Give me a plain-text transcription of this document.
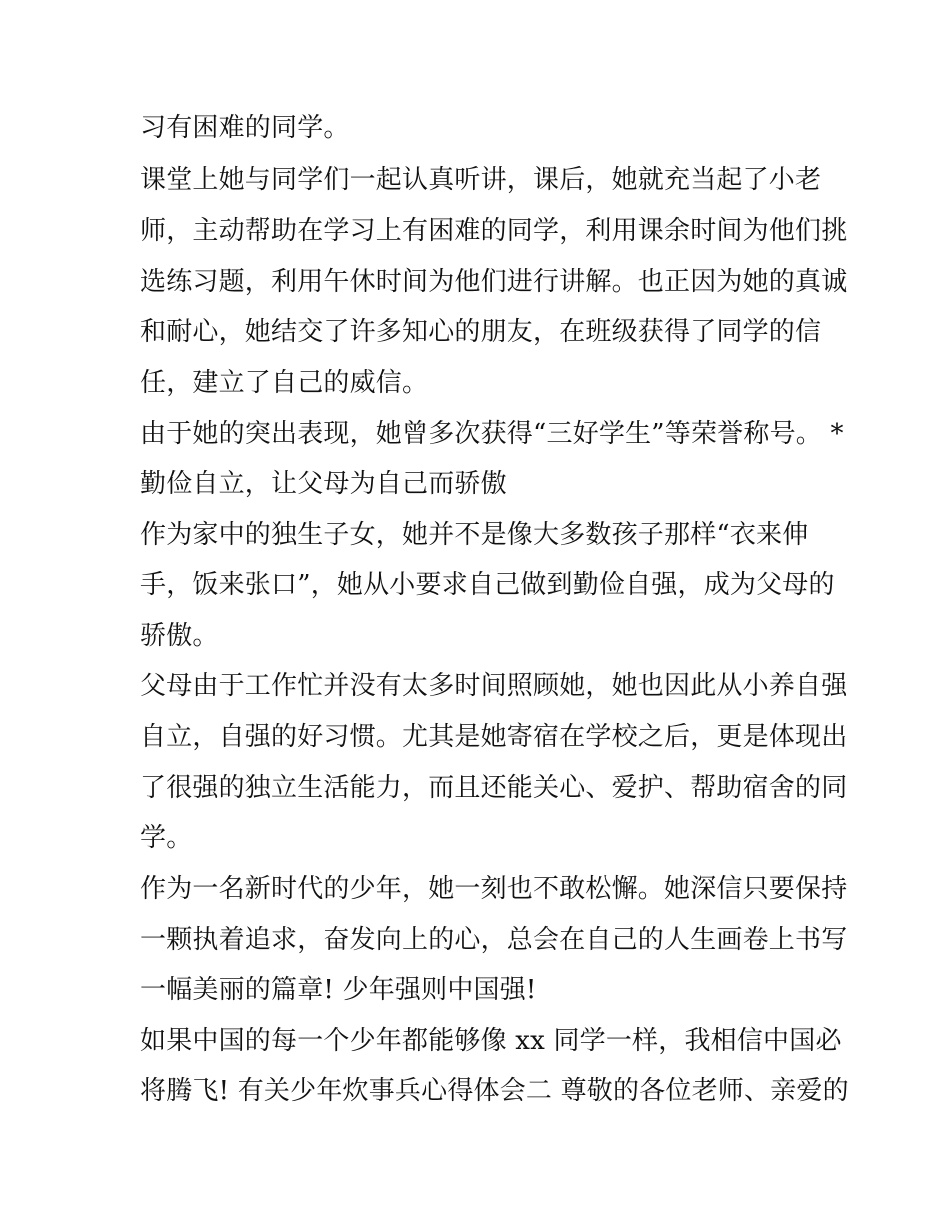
习有困难的同学。
课堂上她与同学们一起认真听讲，课后，她就充当起了小老
师，主动帮助在学习上有困难的同学，利用课余时间为他们挑
选练习题，利用午休时间为他们进行讲解。也正因为她的真诚
和耐心，她结交了许多知心的朋友，在班级获得了同学的信
任，建立了自己的威信。
由于她的突出表现，她曾多次获得“三好学生”等荣誉称号。 *
勤俭自立，让父母为自己而骄傲
作为家中的独生子女，她并不是像大多数孩子那样“衣来伸
手，饭来张口”，她从小要求自己做到勤俭自强，成为父母的
骄傲。
父母由于工作忙并没有太多时间照顾她，她也因此从小养自强
自立，自强的好习惯。尤其是她寄宿在学校之后，更是体现出
了很强的独立生活能力，而且还能关心、爱护、帮助宿舍的同
学。
作为一名新时代的少年，她一刻也不敢松懈。她深信只要保持
一颗执着追求，奋发向上的心，总会在自己的人生画卷上书写
一幅美丽的篇章! 少年强则中国强!
如果中国的每一个少年都能够像 xx 同学一样，我相信中国必
将腾飞! 有关少年炊事兵心得体会二 尊敬的各位老师、亲爱的
